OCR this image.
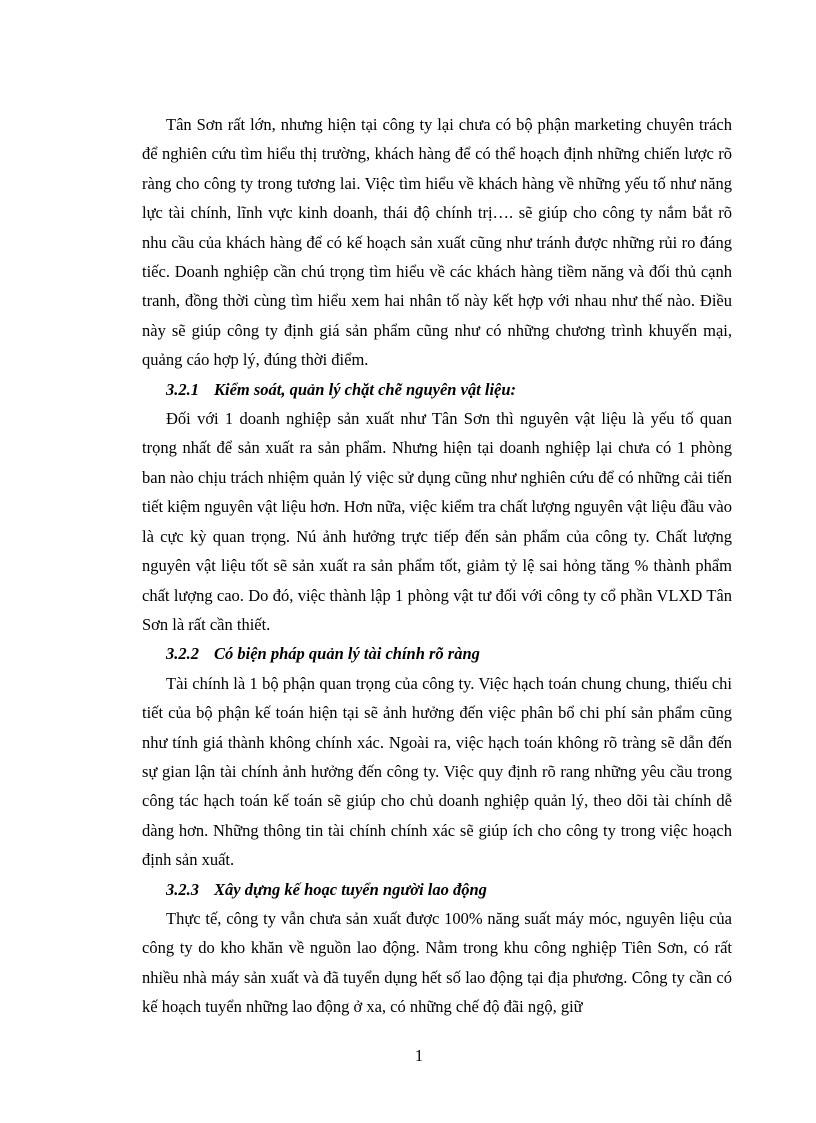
Tân Sơn rất lớn, nhưng hiện tại công ty lại chưa có bộ phận marketing chuyên trách để nghiên cứu tìm hiểu thị trường, khách hàng để có thể hoạch định những chiến lược rõ ràng cho công ty trong tương lai. Việc tìm hiểu về khách hàng về những yếu tố như năng lực tài chính, lĩnh vực kinh doanh, thái độ chính trị…. sẽ giúp cho công ty nắm bắt rõ nhu cầu của khách hàng để có kế hoạch sản xuất cũng như tránh được những rủi ro đáng tiếc. Doanh nghiệp cần chú trọng tìm hiểu về các khách hàng tiềm năng và đối thủ cạnh tranh, đồng thời cùng tìm hiểu xem hai nhân tố này kết hợp với nhau như thế nào. Điều này sẽ giúp công ty định giá sản phẩm cũng như có những chương trình khuyến mại, quảng cáo hợp lý, đúng thời điểm.

3.2.1 Kiểm soát, quản lý chặt chẽ nguyên vật liệu:

Đối với 1 doanh nghiệp sản xuất như Tân Sơn thì nguyên vật liệu là yếu tố quan trọng nhất để sản xuất ra sản phẩm. Nhưng hiện tại doanh nghiệp lại chưa có 1 phòng ban nào chịu trách nhiệm quản lý việc sử dụng cũng như nghiên cứu để có những cải tiến tiết kiệm nguyên vật liệu hơn. Hơn nữa, việc kiểm tra chất lượng nguyên vật liệu đầu vào là cực kỳ quan trọng. Nú ảnh hưởng trực tiếp đến sản phẩm của công ty. Chất lượng nguyên vật liệu tốt sẽ sản xuất ra sản phẩm tốt, giảm tỷ lệ sai hỏng tăng % thành phẩm chất lượng cao. Do đó, việc thành lập 1 phòng vật tư đối với công ty cổ phần VLXD Tân Sơn là rất cần thiết.

3.2.2 Có biện pháp quản lý tài chính rõ ràng

Tài chính là 1 bộ phận quan trọng của công ty. Việc hạch toán chung chung, thiếu chi tiết của bộ phận kế toán hiện tại sẽ ảnh hưởng đến việc phân bổ chi phí sản phẩm cũng như tính giá thành không chính xác. Ngoài ra, việc hạch toán không rõ tràng sẽ dẫn đến sự gian lận tài chính ảnh hưởng đến công ty. Việc quy định rõ rang những yêu cầu trong công tác hạch toán kế toán sẽ giúp cho chủ doanh nghiệp quản lý, theo dõi tài chính dễ dàng hơn. Những thông tin tài chính chính xác sẽ giúp ích cho công ty trong việc hoạch định sản xuất.

3.2.3 Xây dựng kế hoạc tuyển người lao động

Thực tế, công ty vẫn chưa sản xuất được 100% năng suất máy móc, nguyên liệu của công ty do kho khăn về nguồn lao động. Nằm trong khu công nghiệp Tiên Sơn, có rất nhiều nhà máy sản xuất và đã tuyển dụng hết số lao động tại địa phương. Công ty cần có kế hoạch tuyển những lao động ở xa, có những chế độ đãi ngộ, giữ

1
